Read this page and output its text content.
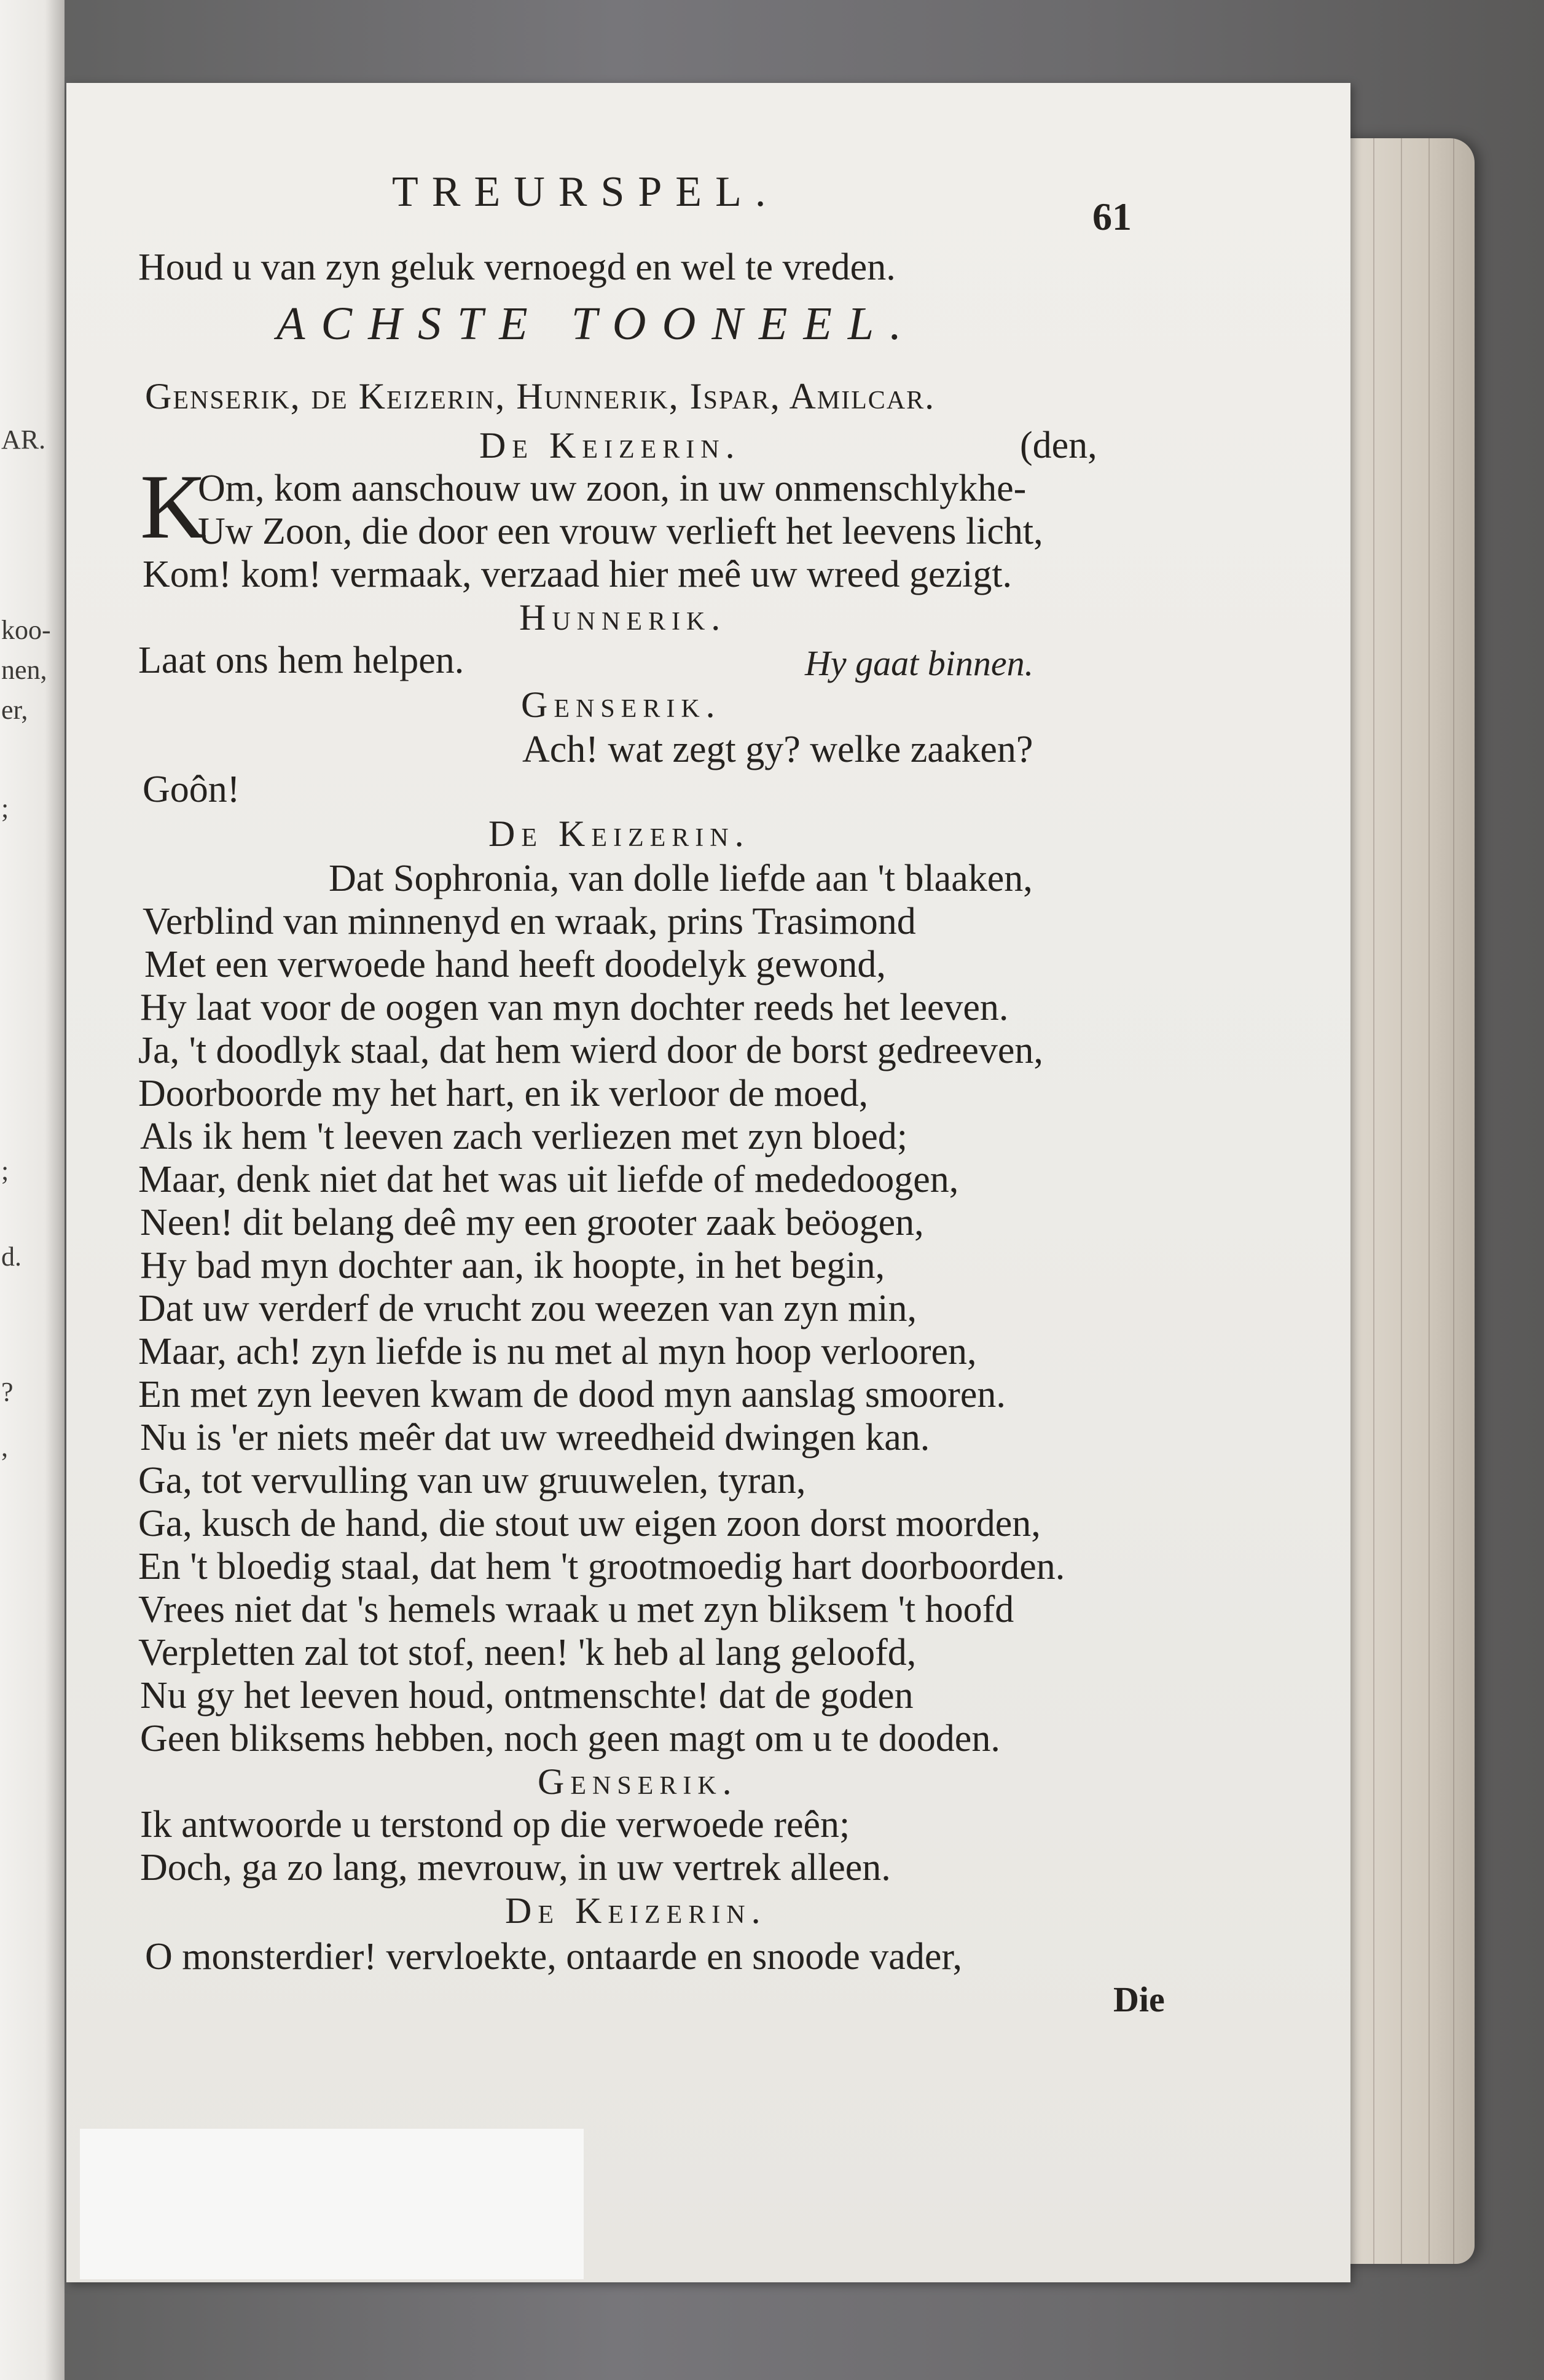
AR.
koo-
nen,
er,
;
;
d.
?
,
TREURSPEL.
61
Houd u van zyn geluk vernoegd en wel te vreden.
ACHSTE TOONEEL.
Genserik, de Keizerin, Hunnerik, Ispar, Amilcar.
De Keizerin.	(den,
K
Om, kom aanschouw uw zoon, in uw onmenschlykhe-
Uw Zoon, die door een vrouw verlieft het leevens licht,
Kom! kom! vermaak, verzaad hier meê uw wreed gezigt.
Hunnerik.
Laat ons hem helpen.	Hy gaat binnen.
Genserik.
Ach! wat zegt gy? welke zaaken?
Goôn!
De Keizerin.
Dat Sophronia, van dolle liefde aan 't blaaken,
Verblind van minnenyd en wraak, prins Trasimond
Met een verwoede hand heeft doodelyk gewond,
Hy laat voor de oogen van myn dochter reeds het leeven.
Ja, 't doodlyk staal, dat hem wierd door de borst gedreeven,
Doorboorde my het hart, en ik verloor de moed,
Als ik hem 't leeven zach verliezen met zyn bloed;
Maar, denk niet dat het was uit liefde of mededoogen,
Neen! dit belang deê my een grooter zaak beöogen,
Hy bad myn dochter aan, ik hoopte, in het begin,
Dat uw verderf de vrucht zou weezen van zyn min,
Maar, ach! zyn liefde is nu met al myn hoop verlooren,
En met zyn leeven kwam de dood myn aanslag smooren.
Nu is 'er niets meêr dat uw wreedheid dwingen kan.
Ga, tot vervulling van uw gruuwelen, tyran,
Ga, kusch de hand, die stout uw eigen zoon dorst moorden,
En 't bloedig staal, dat hem 't grootmoedig hart doorboorden.
Vrees niet dat 's hemels wraak u met zyn bliksem 't hoofd
Verpletten zal tot stof, neen! 'k heb al lang geloofd,
Nu gy het leeven houd, ontmenschte! dat de goden
Geen bliksems hebben, noch geen magt om u te dooden.
Genserik.
Ik antwoorde u terstond op die verwoede reên;
Doch, ga zo lang, mevrouw, in uw vertrek alleen.
De Keizerin.
O monsterdier! vervloekte, ontaarde en snoode vader,
Die
